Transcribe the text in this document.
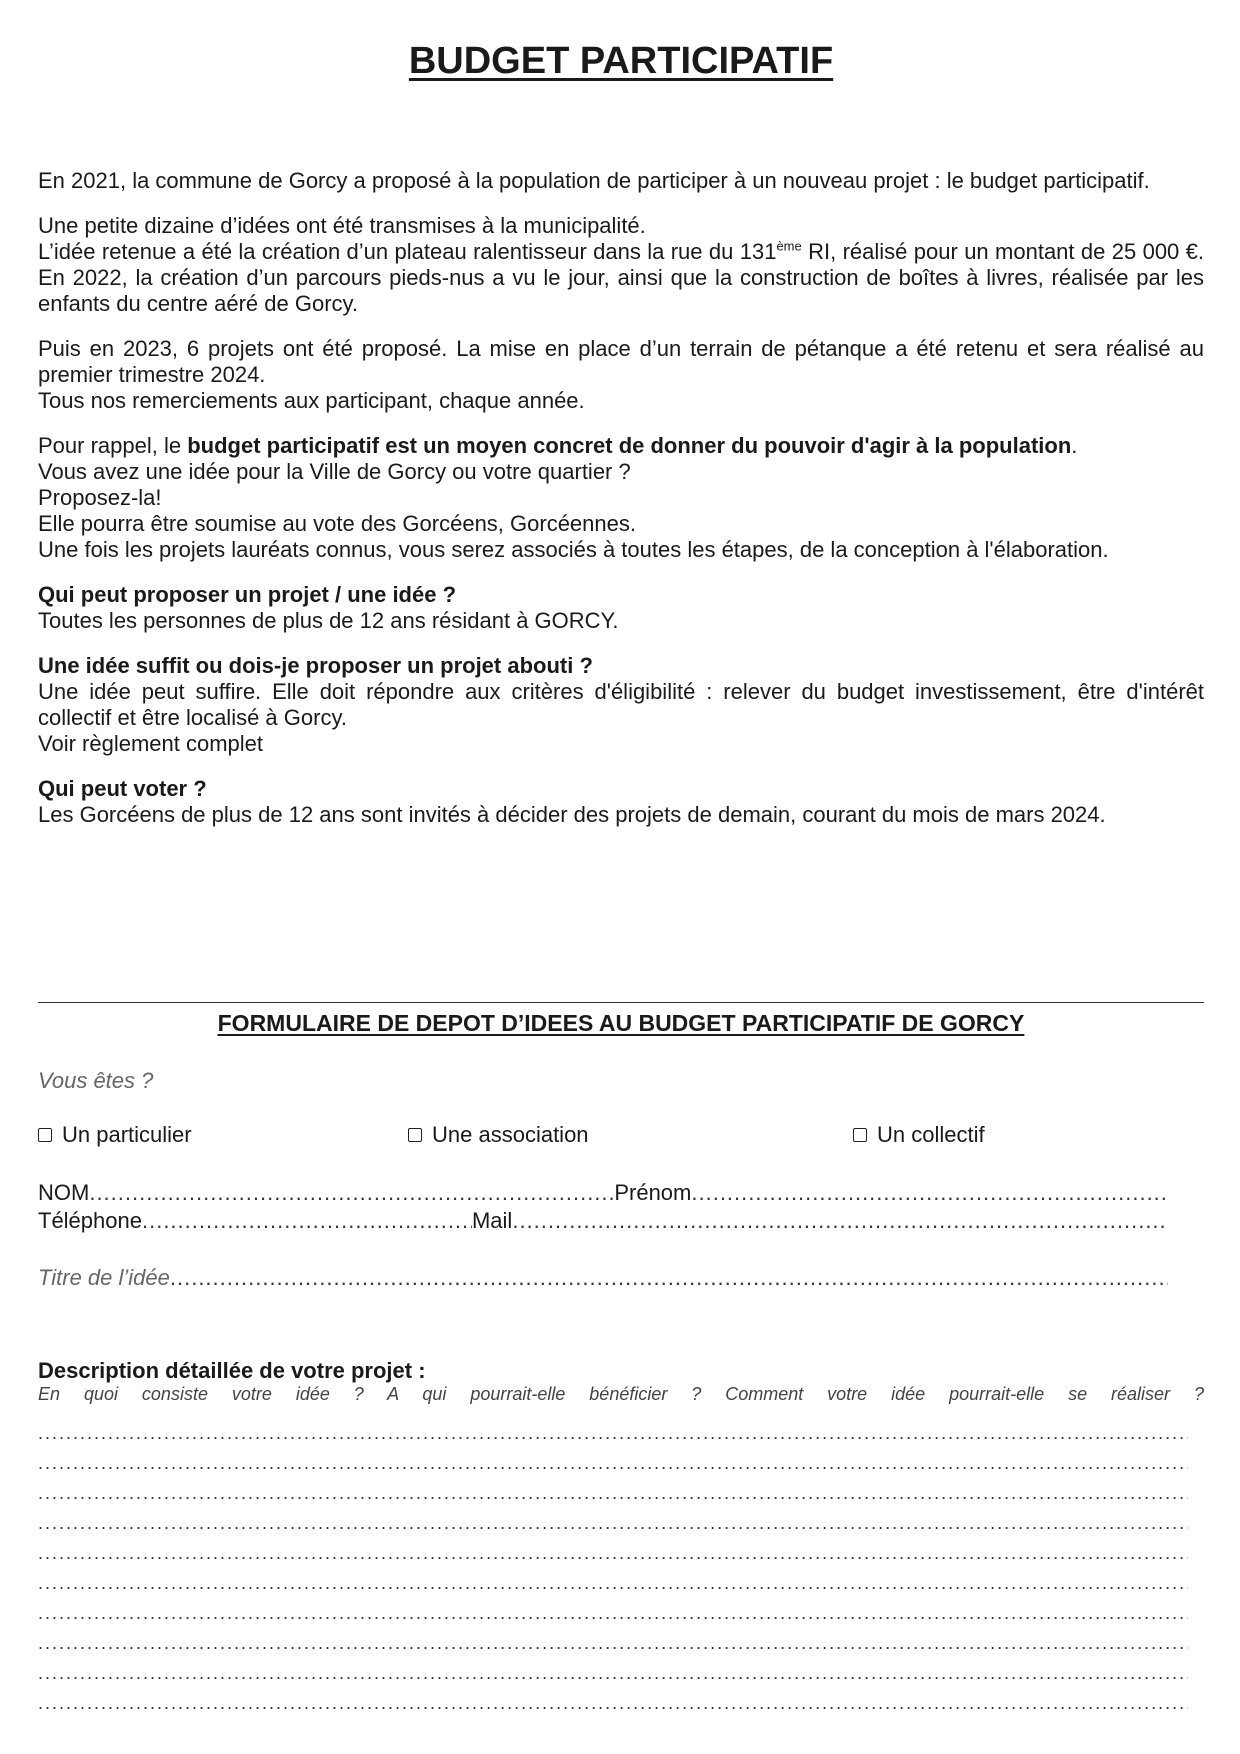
BUDGET PARTICIPATIF

En 2021, la commune de Gorcy a proposé à la population de participer à un nouveau projet : le budget participatif.

Une petite dizaine d’idées ont été transmises à la municipalité.
L’idée retenue a été la création d’un plateau ralentisseur dans la rue du 131ème RI, réalisé pour un montant de 25 000 €. En 2022, la création d’un parcours pieds-nus a vu le jour, ainsi que la construction de boîtes à livres, réalisée par les enfants du centre aéré de Gorcy.

Puis en 2023, 6 projets ont été proposé. La mise en place d’un terrain de pétanque a été retenu et sera réalisé au premier trimestre 2024.
Tous nos remerciements aux participant, chaque année.

Pour rappel, le budget participatif est un moyen concret de donner du pouvoir d'agir à la population.
Vous avez une idée pour la Ville de Gorcy ou votre quartier ?
Proposez-la!
Elle pourra être soumise au vote des Gorcéens, Gorcéennes.
Une fois les projets lauréats connus, vous serez associés à toutes les étapes, de la conception à l'élaboration.

Qui peut proposer un projet / une idée ?
Toutes les personnes de plus de 12 ans résidant à GORCY.
Une idée suffit ou dois-je proposer un projet abouti ?
Une idée peut suffire. Elle doit répondre aux critères d'éligibilité : relever du budget investissement, être d'intérêt collectif et être localisé à Gorcy.
Voir règlement complet
Qui peut voter ?
Les Gorcéens de plus de 12 ans sont invités à décider des projets de demain, courant du mois de mars 2024.
FORMULAIRE DE DEPOT D’IDEES AU BUDGET PARTICIPATIF DE GORCY
Vous êtes ?
Un particulier	Une association	Un collectif
NOM .....	Prénom
.....
Téléphone .....	Mail
.....
Titre de l’idée
.....
Description détaillée de votre projet :
En quoi consiste votre idée ? A qui pourrait-elle bénéficier ? Comment votre idée pourrait-elle se réaliser ?
.....
.....
.....
.....
.....
.....
.....
.....
.....
.....
